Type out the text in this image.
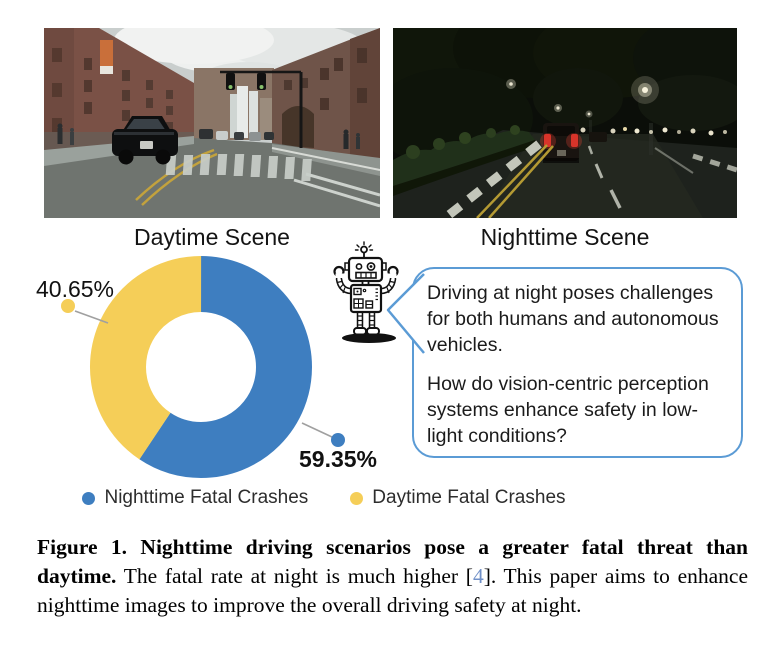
Daytime Scene	Nighttime Scene
40.65%
59.35%
Nighttime Fatal Crashes	Daytime Fatal Crashes

Driving at night poses challenges for both humans and autonomous vehicles.

How do vision-centric perception systems enhance safety in low-light conditions?

Figure 1. Nighttime driving scenarios pose a greater fatal threat than daytime. The fatal rate at night is much higher [4]. This paper aims to enhance nighttime images to improve the overall driving safety at night.
